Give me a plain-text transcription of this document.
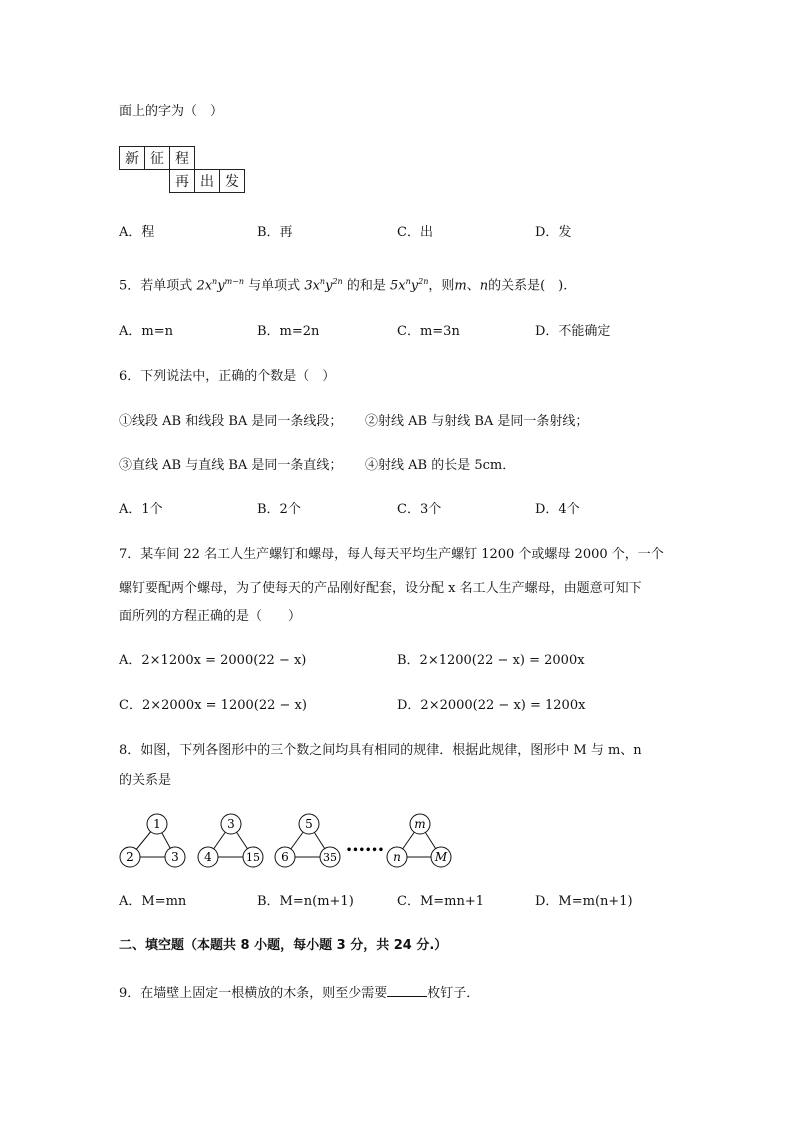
面上的字为（　）
新	征	程		
		再	出	发
A．程	B．再	C．出	D．发
5．若单项式 $2x^ny^{m-n}$ 与单项式 $3x^ny^{2n}$ 的和是 $5x^ny^{2n}$，则m、n的关系是(　).
A．m=n	B．m=2n	C．m=3n	D．不能确定
6．下列说法中，正确的个数是（　）
①线段 AB 和线段 BA 是同一条线段； ②射线 AB 与射线 BA 是同一条射线；
③直线 AB 与直线 BA 是同一条直线； ④射线 AB 的长是 5cm．
A．1个	B．2个	C．3个	D．4个
7．某车间 22 名工人生产螺钉和螺母，每人每天平均生产螺钉 1200 个或螺母 2000 个，一个
螺钉要配两个螺母，为了使每天的产品刚好配套，设分配 x 名工人生产螺母，由题意可知下
面所列的方程正确的是（　　）
A．2×1200x = 2000(22 − x)	B．2×1200(22 − x) = 2000x
C．2×2000x = 1200(22 − x)	D．2×2000(22 − x) = 1200x
8．如图，下列各图形中的三个数之间均具有相同的规律．根据此规律，图形中 M 与 m、n
的关系是
1
2	3
3
4	15
5
6	35
••••••
m
n	M
A．M=mn	B．M=n(m+1)	C．M=mn+1	D．M=m(n+1)
二、填空题（本题共 8 小题，每小题 3 分，共 24 分.）
9．在墙壁上固定一根横放的木条，则至少需要	枚钉子．
